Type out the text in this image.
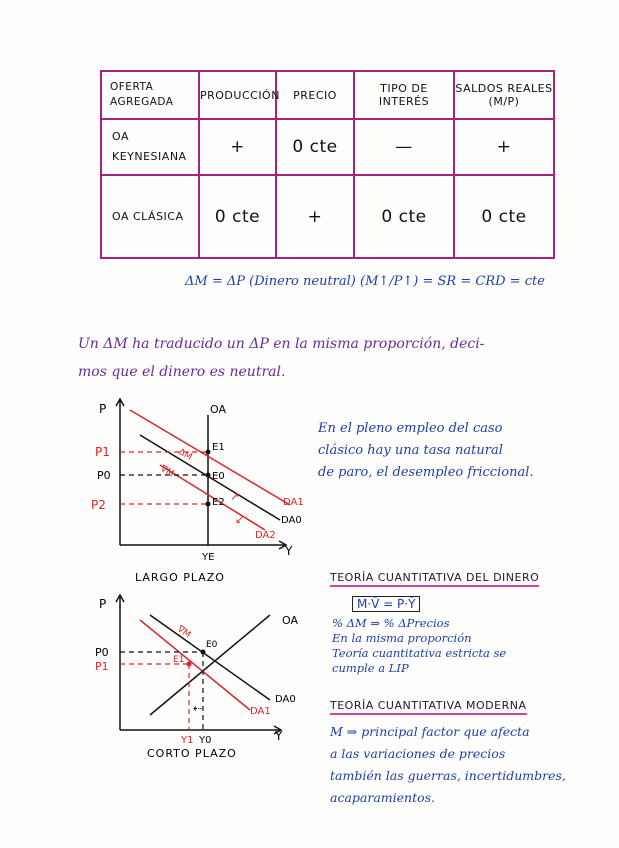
OFERTA AGREGADA	PRODUCCIÓN	PRECIO	TIPO DE INTERÉS	SALDOS REALES (M/P)
OA KEYNESIANA	+	0 cte	—	+
OA CLÁSICA	0 cte	+	0 cte	0 cte
ΔM = ΔP (Dinero neutral) (M↑/P↑) = SR = CRD = cte
Un ΔM ha traducido un ΔP en la misma proporción, deci-
mos que el dinero es neutral.
En el pleno empleo del caso
clásico hay una tasa natural
de paro, el desempleo friccional.
P
Y
OA
DA0
DA1
DA2
P1
P0
P2
E1
E0
E2
ΔM
∇M
↗
↙
YE
LARGO PLAZO
P
Y
OA
DA0
DA1
P0
P1
E0
E1
∇M
⇠
Y1 Y0
CORTO PLAZO
TEORÍA CUANTITATIVA DEL DINERO
M·V̄ = P·Ȳ
% ΔM ⇒ % ΔPrecios
En la misma proporción
Teoría cuantitativa estricta se
cumple a LIP
TEORÍA CUANTITATIVA MODERNA
M ⇒ principal factor que afecta
a las variaciones de precios
también las guerras, incertidumbres,
acaparamientos.
